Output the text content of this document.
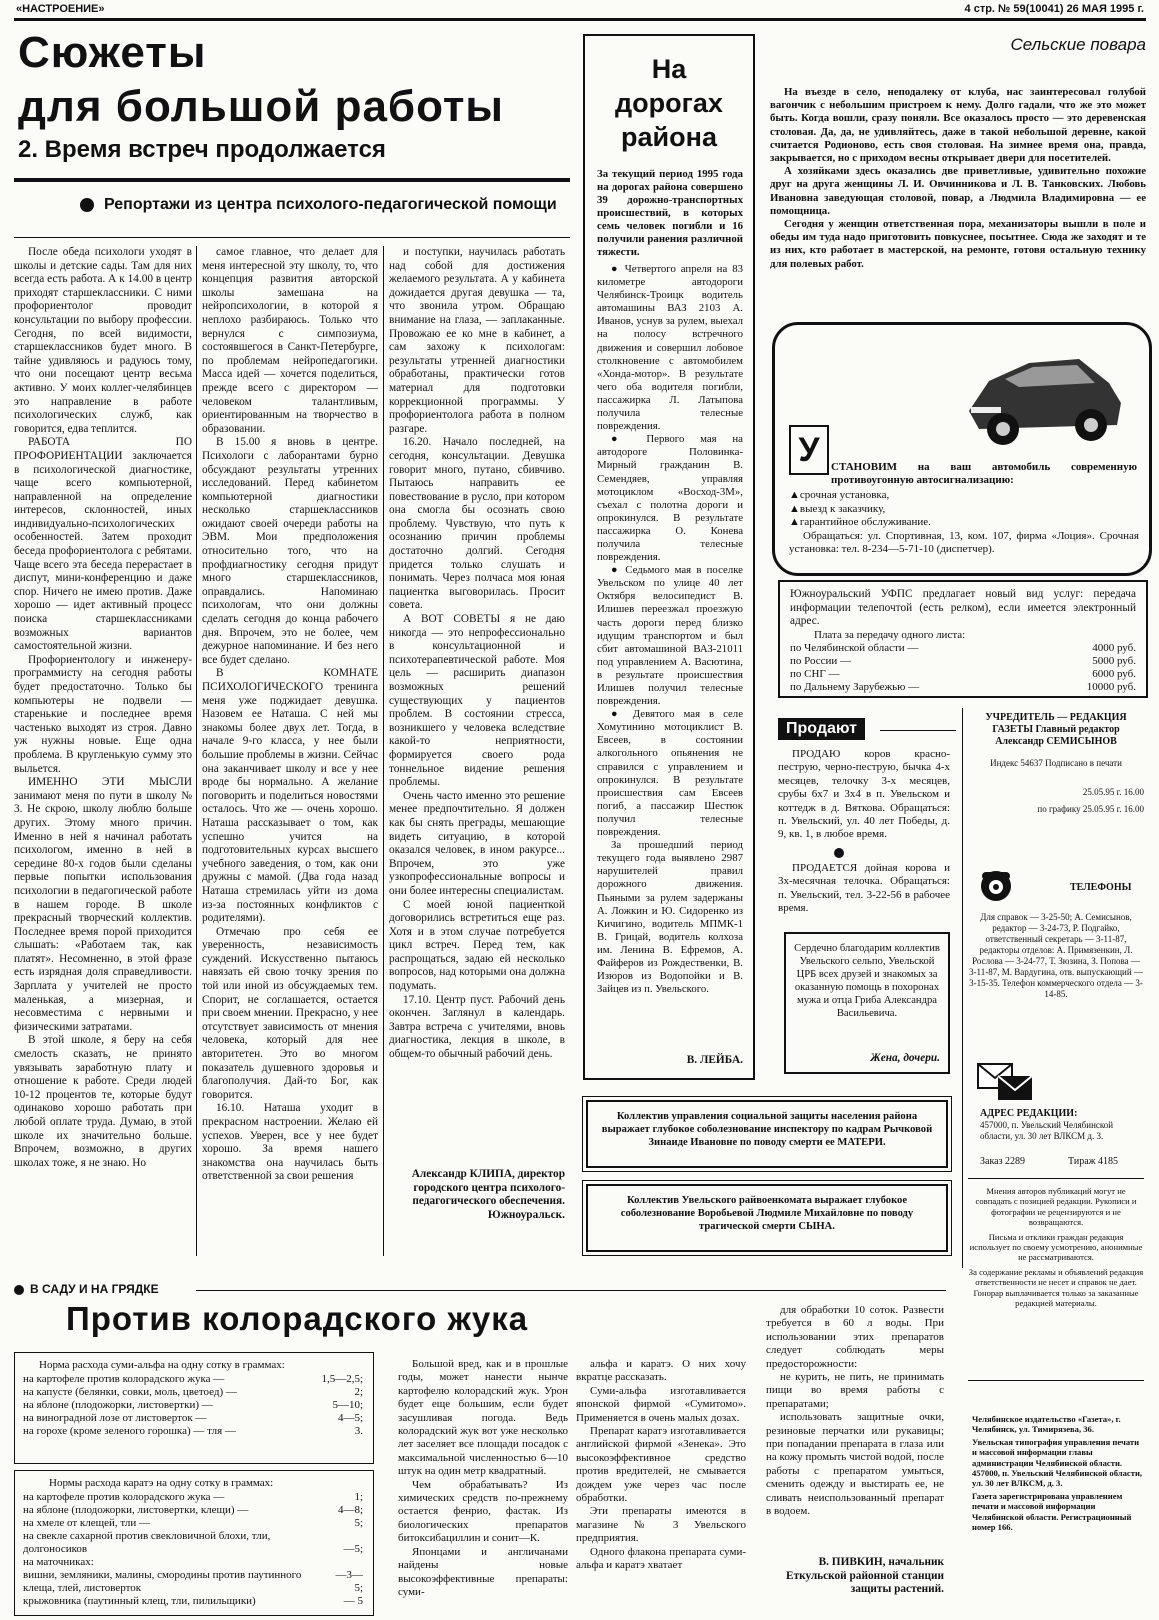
«НАСТРОЕНИЕ»	4 стр. № 59(10041) 26 МАЯ 1995 г.
Сюжеты
для большой работы
2. Время встреч продолжается
Репортажи из центра психолого-педагогической помощи

После обеда психологи уходят в школы и детские сады. Там для них всегда есть работа. А к 14.00 в центр приходят старшеклассники. С ними профориентолог проводит консультации по выбору профессии. Сегодня, по всей видимости, старшеклассников будет много. В тайне удивляюсь и радуюсь тому, что они посещают центр весьма активно. У моих коллег-челябинцев это направление в работе психологических служб, как говорится, едва теплится.

РАБОТА ПО ПРОФОРИЕНТАЦИИ заключается в психологической диагностике, чаще всего компьютерной, направленной на определение интересов, склонностей, иных индивидуально-психологических особенностей. Затем проходит беседа профориентолога с ребятами. Чаще всего эта беседа перерастает в диспут, мини-конференцию и даже спор. Ничего не имею против. Даже хорошо — идет активный процесс поиска старшеклассниками возможных вариантов самостоятельной жизни.

Профориентологу и инженеру-программисту на сегодня работы будет предостаточно. Только бы компьютеры не подвели — старенькие и последнее время частенько выходят из строя. Давно уж нужны новые. Еще одна проблема. В кругленькую сумму это выльется.

ИМЕННО ЭТИ МЫСЛИ занимают меня по пути в школу № 3. Не скрою, школу люблю больше других. Этому много причин. Именно в ней я начинал работать психологом, именно в ней в середине 80-х годов были сделаны первые попытки использования психологии в педагогической работе в нашем городе. В школе прекрасный творческий коллектив. Последнее время порой приходится слышать: «Работаем так, как платят». Несомненно, в этой фразе есть изрядная доля справедливости. Зарплата у учителей не просто маленькая, а мизерная, и несовместима с нервными и физическими затратами.

В этой школе, я беру на себя смелость сказать, не принято увязывать заработную плату и отношение к работе. Среди людей 10-12 процентов те, которые будут одинаково хорошо работать при любой оплате труда. Думаю, в этой школе их значительно больше. Впрочем, возможно, в других школах тоже, я не знаю. Но

самое главное, что делает для меня интересной эту школу, то, что концепция развития авторской школы замешана на нейропсихологии, в которой я неплохо разбираюсь. Только что вернулся с симпозиума, состоявшегося в Санкт-Петербурге, по проблемам нейропедагогики. Масса идей — хочется поделиться, прежде всего с директором — человеком талантливым, ориентированным на творчество в образовании.

В 15.00 я вновь в центре. Психологи с лаборантами бурно обсуждают результаты утренних исследований. Перед кабинетом компьютерной диагностики несколько старшеклассников ожидают своей очереди работы на ЭВМ. Мои предположения относительно того, что на профдиагностику сегодня придут много старшеклассников, оправдались. Напоминаю психологам, что они должны сделать сегодня до конца рабочего дня. Впрочем, это не более, чем дежурное напоминание. И без него все будет сделано.

В КОМНАТЕ ПСИХОЛОГИЧЕСКОГО тренинга меня уже поджидает девушка. Назовем ее Наташа. С ней мы знакомы более двух лет. Тогда, в начале 9-го класса, у нее были большие проблемы в жизни. Сейчас она заканчивает школу и все у нее вроде бы нормально. А желание поговорить и поделиться новостями осталось. Что же — очень хорошо. Наташа рассказывает о том, как успешно учится на подготовительных курсах высшего учебного заведения, о том, как они дружны с мамой. (Два года назад Наташа стремилась уйти из дома из-за постоянных конфликтов с родителями).

Отмечаю про себя ее уверенность, независимость суждений. Искусственно пытаюсь навязать ей свою точку зрения по той или иной из обсуждаемых тем. Спорит, не соглашается, остается при своем мнении. Прекрасно, у нее отсутствует зависимость от мнения человека, который для нее авторитетен. Это во многом показатель душевного здоровья и благополучия. Дай-то Бог, как говорится.

16.10. Наташа уходит в прекрасном настроении. Желаю ей успехов. Уверен, все у нее будет хорошо. За время нашего знакомства она научилась быть ответственной за свои решения

и поступки, научилась работать над собой для достижения желаемого результата. А у кабинета дожидается другая девушка — та, что звонила утром. Обращаю внимание на глаза, — заплаканные. Провожаю ее ко мне в кабинет, а сам захожу к психологам: результаты утренней диагностики обработаны, практически готов материал для подготовки коррекционной программы. У профориентолога работа в полном разгаре.

16.20. Начало последней, на сегодня, консультации. Девушка говорит много, путано, сбивчиво. Пытаюсь направить ее повествование в русло, при котором она смогла бы осознать свою проблему. Чувствую, что путь к осознанию причин проблемы достаточно долгий. Сегодня придется только слушать и понимать. Через полчаса моя юная пациентка выговорилась. Просит совета.

А ВОТ СОВЕТЫ я не даю никогда — это непрофессионально в консультационной и психотерапевтической работе. Моя цель — расширить диапазон возможных решений существующих у пациентов проблем. В состоянии стресса, возникшего у человека вследствие какой-то неприятности, формируется своего рода тоннельное видение решения проблемы.

Очень часто именно это решение менее предпочтительно. Я должен как бы снять преграды, мешающие видеть ситуацию, в которой оказался человек, в ином ракурсе... Впрочем, это уже узкопрофессиональные вопросы и они более интересны специалистам.

С моей юной пациенткой договорились встретиться еще раз. Хотя и в этом случае потребуется цикл встреч. Перед тем, как распрощаться, задаю ей несколько вопросов, над которыми она должна подумать.

17.10. Центр пуст. Рабочий день окончен. Заглянул в календарь. Завтра встреча с учителями, вновь диагностика, лекция в школе, в общем-то обычный рабочий день.

Александр КЛИПА, директор городского центра психолого-педагогического обеспечения. Южноуральск.
На дорогах района
За текущий период 1995 года на дорогах района совершено 39 дорожно-транспортных происшествий, в которых семь человек погибли и 16 получили ранения различной тяжести.

● Четвертого апреля на 83 километре автодороги Челябинск-Троицк водитель автомашины ВАЗ 2103 А. Иванов, уснув за рулем, выехал на полосу встречного движения и совершил лобовое столкновение с автомобилем «Хонда-мотор». В результате чего оба водителя погибли, пассажирка Л. Латыпова получила телесные повреждения.

● Первого мая на автодороге Половинка-Мирный гражданин В. Семендяев, управляя мотоциклом «Восход-3М», съехал с полотна дороги и опрокинулся. В результате пассажирка О. Конева получила телесные повреждения.

● Седьмого мая в поселке Увельском по улице 40 лет Октября велосипедист В. Илишев переезжал проезжую часть дороги перед близко идущим транспортом и был сбит автомашиной ВАЗ-21011 под управлением А. Васютина, в результате происшествия Илишев получил телесные повреждения.

● Девятого мая в селе Хомутинино мотоциклист В. Евсеев, в состоянии алкогольного опьянения не справился с управлением и опрокинулся. В результате происшествия сам Евсеев погиб, а пассажир Шестюк получил телесные повреждения.

За прошедший период текущего года выявлено 2987 нарушителей правил дорожного движения. Пьяными за рулем задержаны А. Ложкин и Ю. Сидоренко из Кичигино, водитель МПМК-1 В. Грицай, водитель колхоза им. Ленина В. Ефремов, А. Файферов из Рождественки, В. Изюров из Водопойки и В. Зайцев из п. Увельского.

В. ЛЕЙБА.
Сельские повара

На въезде в село, неподалеку от клуба, нас заинтересовал голубой вагончик с небольшим пристроем к нему. Долго гадали, что же это может быть. Когда вошли, сразу поняли. Все оказалось просто — это деревенская столовая. Да, да, не удивляйтесь, даже в такой небольшой деревне, какой считается Родионово, есть своя столовая. На зимнее время она, правда, закрывается, но с приходом весны открывает двери для посетителей.

А хозяйками здесь оказались две приветливые, удивительно похожие друг на друга женщины Л. И. Овчинникова и Л. В. Танковских. Любовь Ивановна заведующая столовой, повар, а Людмила Владимировна — ее помощница.

Сегодня у женщин ответственная пора, механизаторы вышли в поле и обеды им туда надо приготовить повкуснее, посытнее. Сюда же заходят и те из них, кто работает в мастерской, на ремонте, готовя остальную технику для полевых работ.

У	СТАНОВИМ на ваш автомобиль современную противоугонную автосигнализацию:
▲срочная установка,
▲выезд к заказчику,
▲гарантийное обслуживание.
Обращаться: ул. Спортивная, 13, ком. 107, фирма «Лоция». Срочная установка: тел. 8-234—5-71-10 (диспетчер).
Южноуральский УФПС предлагает новый вид услуг: передача информации телепочтой (есть релком), если имеется электронный адрес.
Плата за передачу одного листа:
по Челябинской области —	4000 руб.
по России —	5000 руб.
по СНГ —	6000 руб.
по Дальнему Зарубежью —	10000 руб.
Продают

ПРОДАЮ коров красно-пеструю, черно-пеструю, бычка 4-х месяцев, телочку 3-х месяцев, срубы 6х7 и 3х4 в п. Увельском и коттедж в д. Вяткова. Обращаться: п. Увельский, ул. 40 лет Победы, д. 9, кв. 1, в любое время.

ПРОДАЕТСЯ дойная корова и 3х-месячная телочка. Обращаться: п. Увельский, тел. 3-22-56 в рабочее время.

Сердечно благодарим коллектив Увельского сельпо, Увельской ЦРБ всех друзей и знакомых за оказанную помощь в похоронах мужа и отца Гриба Александра Васильевича.
Жена, дочери.
УЧРЕДИТЕЛЬ — РЕДАКЦИЯ ГАЗЕТЫ Главный редактор Александр СЕМИСЫНОВ
Индекс 54637 Подписано в печати
25.05.95 г. 16.00
по графику 25.05.95 г. 16.00
ТЕЛЕФОНЫ
Для справок — 3-25-50; А. Семисынов, редактор — 3-24-73, Р. Подгайко, ответственный секретарь — 3-11-87, редакторы отделов: А. Примязенкин, Л. Рослова — 3-24-77, Т. Зюзина, З. Попова — 3-11-87, М. Вардугина, отв. выпускающий — 3-15-35. Телефон коммерческого отдела — 3-14-85.
АДРЕС РЕДАКЦИИ:
457000, п. Увельский Челябинской области, ул. 30 лет ВЛКСМ д. 3.
Заказ 2289	Тираж 4185
Мнения авторов публикаций могут не совпадать с позицией редакции. Рукописи и фотографии не рецензируются и не возвращаются.
Письма и отклики граждан редакция использует по своему усмотрению, анонимные не рассматриваются.
За содержание рекламы и объявлений редакция ответственности не несет и справок не дает. Гонорар выплачивается только за заказанные редакцией материалы.
Челябинское издательство «Газета», г. Челябинск, ул. Тимирязева, 36.
Увельская типография управления печати и массовой информации главы администрации Челябинской области. 457000, п. Увельский Челябинской области, ул. 30 лет ВЛКСМ, д. 3.
Газета зарегистрирована управлением печати и массовой информации Челябинской области. Регистрационный номер 166.
Коллектив управления социальной защиты населения района выражает глубокое соболезнование инспектору по кадрам Рычковой Зинаиде Ивановне по поводу смерти ее МАТЕРИ.
Коллектив Увельского райвоенкомата выражает глубокое соболезнование Воробьевой Людмиле Михайловне по поводу трагической смерти СЫНА.
В САДУ И НА ГРЯДКЕ
Против колорадского жука
Норма расхода суми-альфа на одну сотку в граммах:
на картофеле против колорадского жука —	1,5—2,5;
на капусте (белянки, совки, моль, цветоед) —	2;
на яблоне (плодожорки, листовертки) —	5—10;
на виноградной лозе от листоверток —	4—5;
на горохе (кроме зеленого горошка) — тля —	3.
Нормы расхода каратэ на одну сотку в граммах:
на картофеле против колорадского жука —	1;
на яблоне (плодожорки, листовертки, клещи) —	4—8;
на хмеле от клещей, тли —	5;
на свекле сахарной против свекловичной блохи, тли, долгоносиков	—5;
на маточниках:	
вишни, земляники, малины, смородины против паутинного клеща, тлей, листоверток	—3—5;
крыжовника (паутинный клещ, тли, пилильщики)	— 5

Большой вред, как и в прошлые годы, может нанести нынче картофелю колорадский жук. Урон будет еще большим, если будет засушливая погода. Ведь колорадский жук вот уже несколько лет заселяет все площади посадок с максимальной численностью 6—10 штук на один метр квадратный.

Чем обрабатывать? Из химических средств по-прежнему остается фенрио, фастак. Из биологических препаратов битоксибациллин и сонит—К.

Японцами и англичанами найдены новые высокоэффективные препараты: суми-

альфа и каратэ. О них хочу вкратце рассказать.

Суми-альфа изготавливается японской фирмой «Сумитомо». Применяется в очень малых дозах.

Препарат каратэ изготавливается английской фирмой «Зенека». Это высокоэффективное средство против вредителей, не смывается дождем уже через час после обработки.

Эти препараты имеются в магазине № 3 Увельского предприятия.

Одного флакона препарата суми-альфа и каратэ хватает

для обработки 10 соток. Развести требуется в 60 л воды. При использовании этих препаратов следует соблюдать меры предосторожности:

не курить, не пить, не принимать пищи во время работы с препаратами;

использовать защитные очки, резиновые перчатки или рукавицы; при попадании препарата в глаза или на кожу промыть чистой водой, после работы с препаратом умыться, сменить одежду и выстирать ее, не сливать неиспользованный препарат в водоем.

В. ПИВКИН, начальник Еткульской районной станции защиты растений.
